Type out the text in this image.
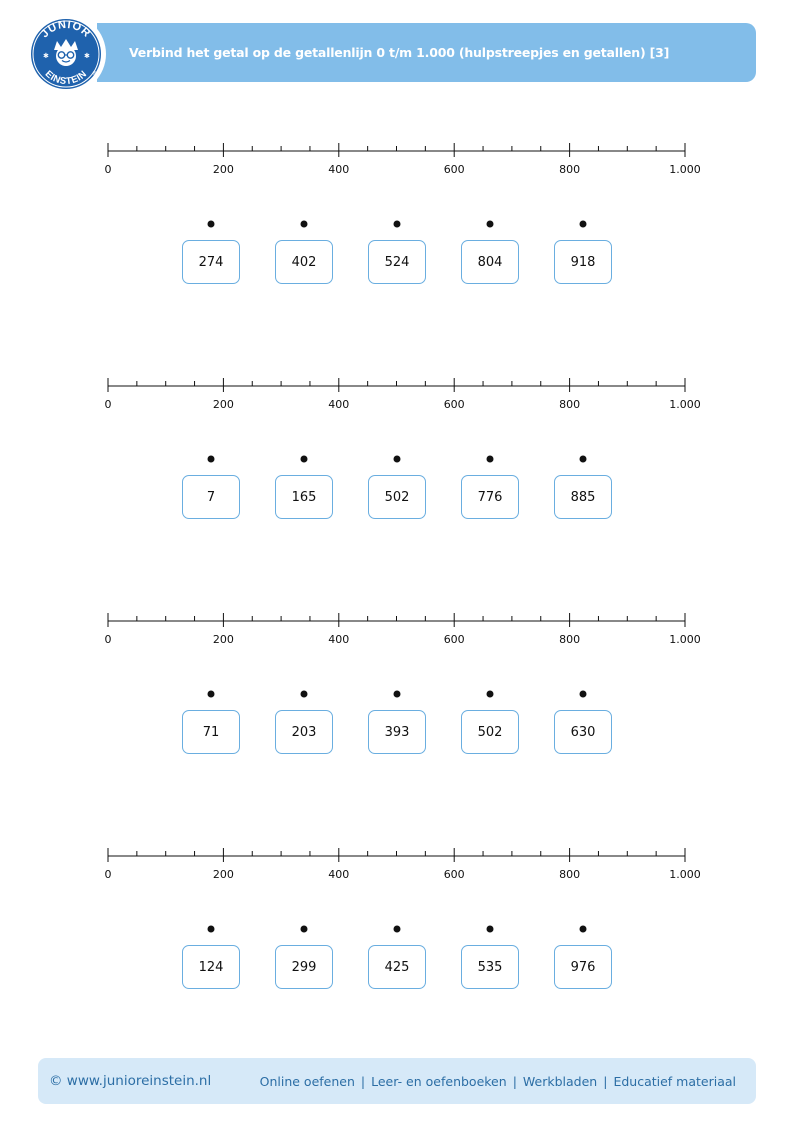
JUNIOR
EINSTEIN
✱	✱
®
Verbind het getal op de getallenlijn 0 t/m 1.000 (hulpstreepjes en getallen) [3]
0	200	400	600	800	1.000
274	402	524	804	918
0	200	400	600	800	1.000
7	165	502	776	885
0	200	400	600	800	1.000
71	203	393	502	630
0	200	400	600	800	1.000
124	299	425	535	976
© www.junioreinstein.nl	Online oefenen | Leer- en oefenboeken | Werkbladen | Educatief materiaal
